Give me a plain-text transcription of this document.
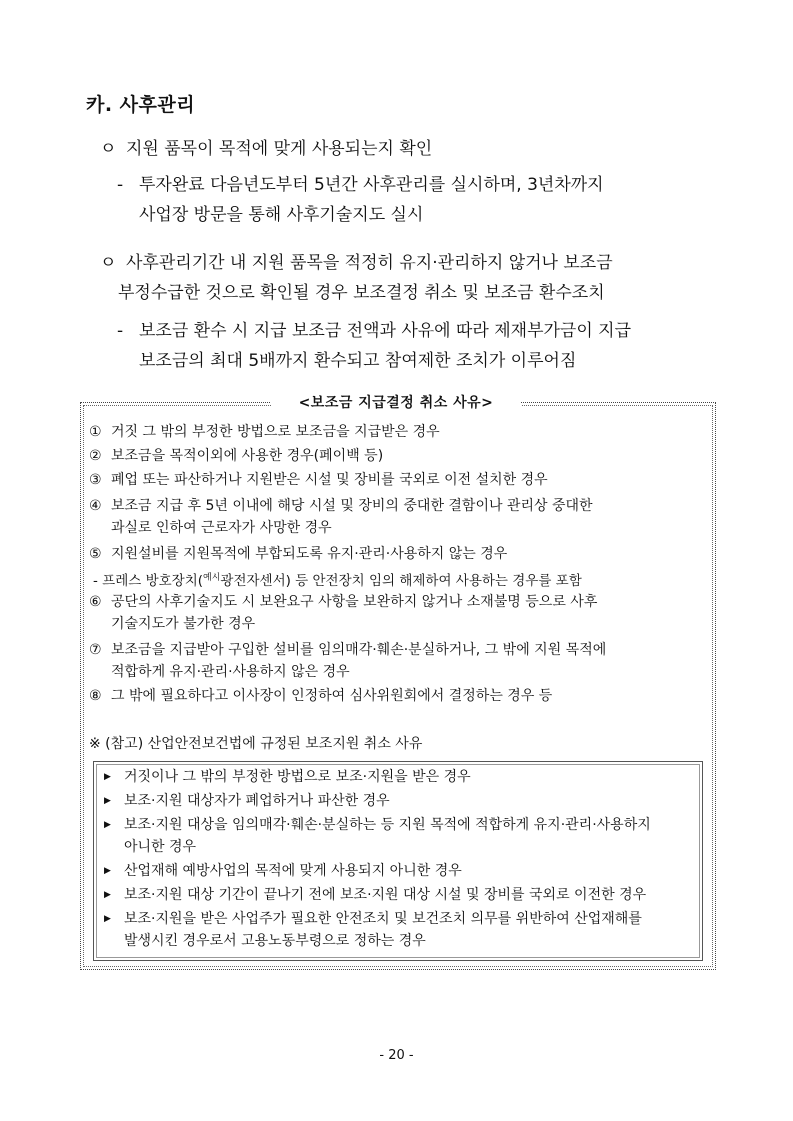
카. 사후관리
ㅇ 지원 품목이 목적에 맞게 사용되는지 확인
- 투자완료 다음년도부터 5년간 사후관리를 실시하며, 3년차까지
사업장 방문을 통해 사후기술지도 실시
ㅇ 사후관리기간 내 지원 품목을 적정히 유지·관리하지 않거나 보조금
부정수급한 것으로 확인될 경우 보조결정 취소 및 보조금 환수조치
- 보조금 환수 시 지급 보조금 전액과 사유에 따라 제재부가금이 지급
보조금의 최대 5배까지 환수되고 참여제한 조치가 이루어짐
<보조금 지급결정 취소 사유>
① 거짓 그 밖의 부정한 방법으로 보조금을 지급받은 경우
② 보조금을 목적이외에 사용한 경우(페이백 등)
③ 폐업 또는 파산하거나 지원받은 시설 및 장비를 국외로 이전 설치한 경우
④ 보조금 지급 후 5년 이내에 해당 시설 및 장비의 중대한 결함이나 관리상 중대한
과실로 인하여 근로자가 사망한 경우
⑤ 지원설비를 지원목적에 부합되도록 유지·관리·사용하지 않는 경우
- 프레스 방호장치($^{예시}$광전자센서) 등 안전장치 임의 해제하여 사용하는 경우를 포함
⑥ 공단의 사후기술지도 시 보완요구 사항을 보완하지 않거나 소재불명 등으로 사후
기술지도가 불가한 경우
⑦ 보조금을 지급받아 구입한 설비를 임의매각·훼손·분실하거나, 그 밖에 지원 목적에
적합하게 유지·관리·사용하지 않은 경우
⑧ 그 밖에 필요하다고 이사장이 인정하여 심사위원회에서 결정하는 경우 등
※ (참고) 산업안전보건법에 규정된 보조지원 취소 사유
▶ 거짓이나 그 밖의 부정한 방법으로 보조·지원을 받은 경우
▶ 보조·지원 대상자가 폐업하거나 파산한 경우
▶ 보조·지원 대상을 임의매각·훼손·분실하는 등 지원 목적에 적합하게 유지·관리·사용하지
아니한 경우
▶ 산업재해 예방사업의 목적에 맞게 사용되지 아니한 경우
▶ 보조·지원 대상 기간이 끝나기 전에 보조·지원 대상 시설 및 장비를 국외로 이전한 경우
▶ 보조·지원을 받은 사업주가 필요한 안전조치 및 보건조치 의무를 위반하여 산업재해를
발생시킨 경우로서 고용노동부령으로 정하는 경우
- 20 -
